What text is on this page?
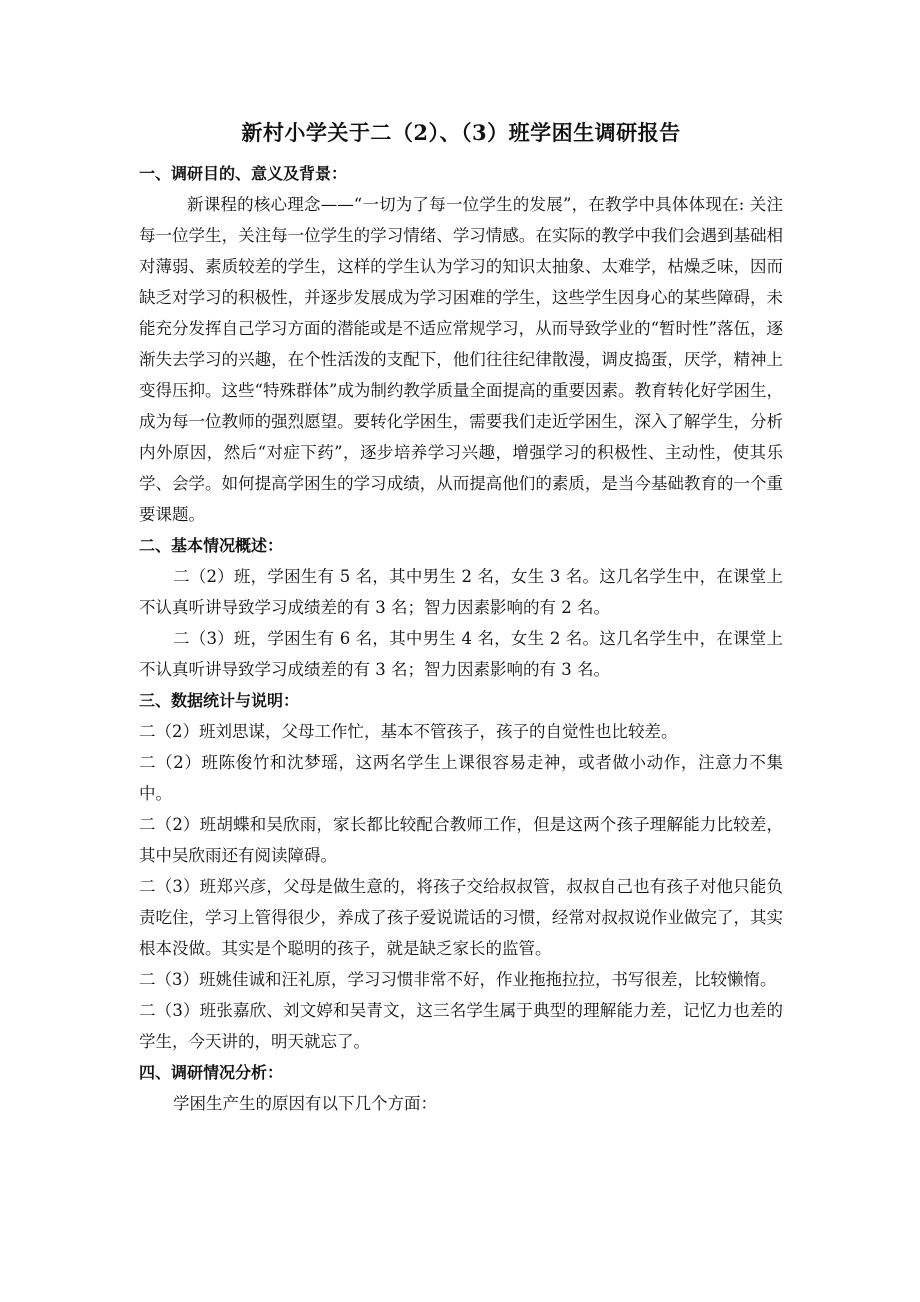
新村小学关于二（2）、（3）班学困生调研报告

一、调研目的、意义及背景：

新课程的核心理念——“一切为了每一位学生的发展”，在教学中具体体现在: 关注每一位学生，关注每一位学生的学习情绪、学习情感。在实际的教学中我们会遇到基础相对薄弱、素质较差的学生，这样的学生认为学习的知识太抽象、太难学，枯燥乏味，因而缺乏对学习的积极性，并逐步发展成为学习困难的学生，这些学生因身心的某些障碍，未能充分发挥自己学习方面的潜能或是不适应常规学习，从而导致学业的“暂时性”落伍，逐渐失去学习的兴趣，在个性活泼的支配下，他们往往纪律散漫，调皮捣蛋，厌学，精神上变得压抑。这些“特殊群体”成为制约教学质量全面提高的重要因素。教育转化好学困生，成为每一位教师的强烈愿望。要转化学困生，需要我们走近学困生，深入了解学生，分析内外原因，然后“对症下药”，逐步培养学习兴趣，增强学习的积极性、主动性，使其乐学、会学。如何提高学困生的学习成绩，从而提高他们的素质，是当今基础教育的一个重要课题。

二、基本情况概述：

二（2）班，学困生有 5 名，其中男生 2 名，女生 3 名。这几名学生中，在课堂上不认真听讲导致学习成绩差的有 3 名；智力因素影响的有 2 名。

二（3）班，学困生有 6 名，其中男生 4 名，女生 2 名。这几名学生中，在课堂上不认真听讲导致学习成绩差的有 3 名；智力因素影响的有 3 名。

三、数据统计与说明：

二（2）班刘思谋，父母工作忙，基本不管孩子，孩子的自觉性也比较差。

二（2）班陈俊竹和沈梦瑶，这两名学生上课很容易走神，或者做小动作，注意力不集中。

二（2）班胡蝶和吴欣雨，家长都比较配合教师工作，但是这两个孩子理解能力比较差，其中吴欣雨还有阅读障碍。

二（3）班郑兴彦，父母是做生意的，将孩子交给叔叔管，叔叔自己也有孩子对他只能负责吃住，学习上管得很少，养成了孩子爱说谎话的习惯，经常对叔叔说作业做完了，其实根本没做。其实是个聪明的孩子，就是缺乏家长的监管。

二（3）班姚佳诚和汪礼原，学习习惯非常不好，作业拖拖拉拉，书写很差，比较懒惰。

二（3）班张嘉欣、刘文婷和吴青文，这三名学生属于典型的理解能力差，记忆力也差的学生，今天讲的，明天就忘了。

四、调研情况分析：

学困生产生的原因有以下几个方面：
